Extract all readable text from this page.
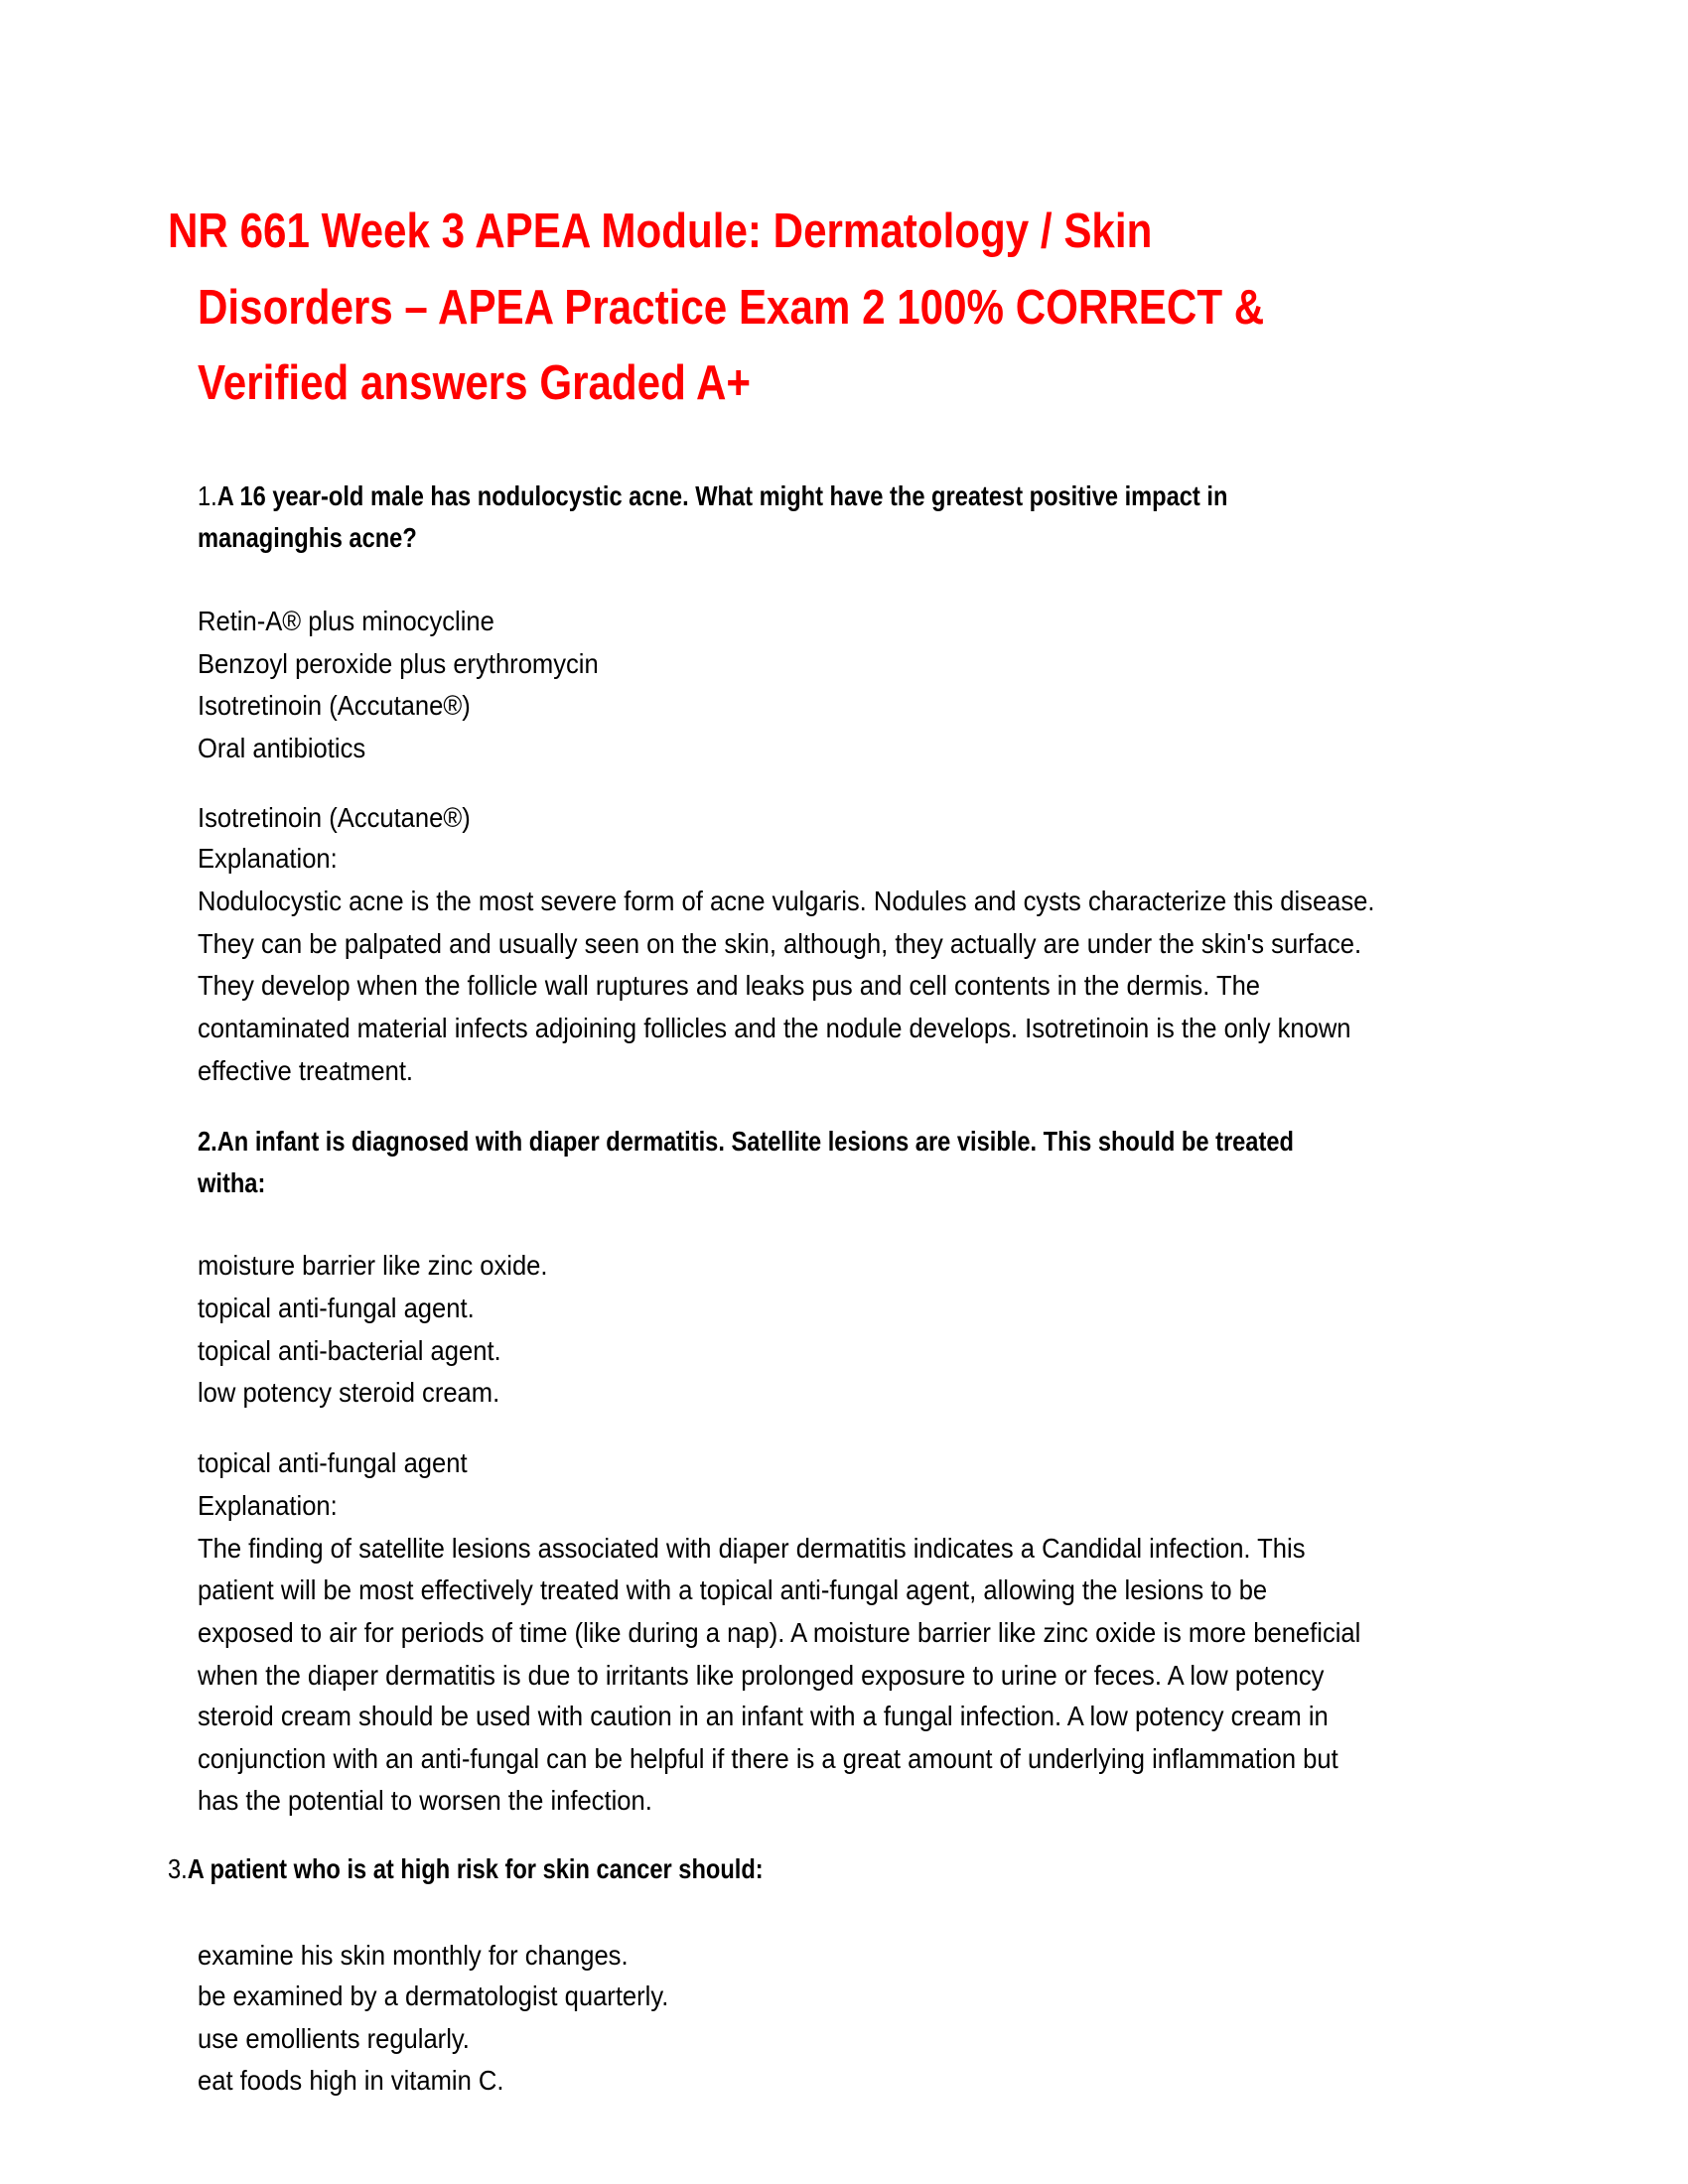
NR 661 Week 3 APEA Module: Dermatology / Skin
Disorders – APEA Practice Exam 2 100% CORRECT &
Verified answers Graded A+
1.A 16 year-old male has nodulocystic acne. What might have the greatest positive impact in
managinghis acne?
Retin-A® plus minocycline
Benzoyl peroxide plus erythromycin
Isotretinoin (Accutane®)
Oral antibiotics
Isotretinoin (Accutane®)
Explanation:
Nodulocystic acne is the most severe form of acne vulgaris. Nodules and cysts characterize this disease.
They can be palpated and usually seen on the skin, although, they actually are under the skin's surface.
They develop when the follicle wall ruptures and leaks pus and cell contents in the dermis. The
contaminated material infects adjoining follicles and the nodule develops. Isotretinoin is the only known
effective treatment.
2.An infant is diagnosed with diaper dermatitis. Satellite lesions are visible. This should be treated
witha:
moisture barrier like zinc oxide.
topical anti-fungal agent.
topical anti-bacterial agent.
low potency steroid cream.
topical anti-fungal agent
Explanation:
The finding of satellite lesions associated with diaper dermatitis indicates a Candidal infection. This
patient will be most effectively treated with a topical anti-fungal agent, allowing the lesions to be
exposed to air for periods of time (like during a nap). A moisture barrier like zinc oxide is more beneficial
when the diaper dermatitis is due to irritants like prolonged exposure to urine or feces. A low potency
steroid cream should be used with caution in an infant with a fungal infection. A low potency cream in
conjunction with an anti-fungal can be helpful if there is a great amount of underlying inflammation but
has the potential to worsen the infection.
3.A patient who is at high risk for skin cancer should:
examine his skin monthly for changes.
be examined by a dermatologist quarterly.
use emollients regularly.
eat foods high in vitamin C.
